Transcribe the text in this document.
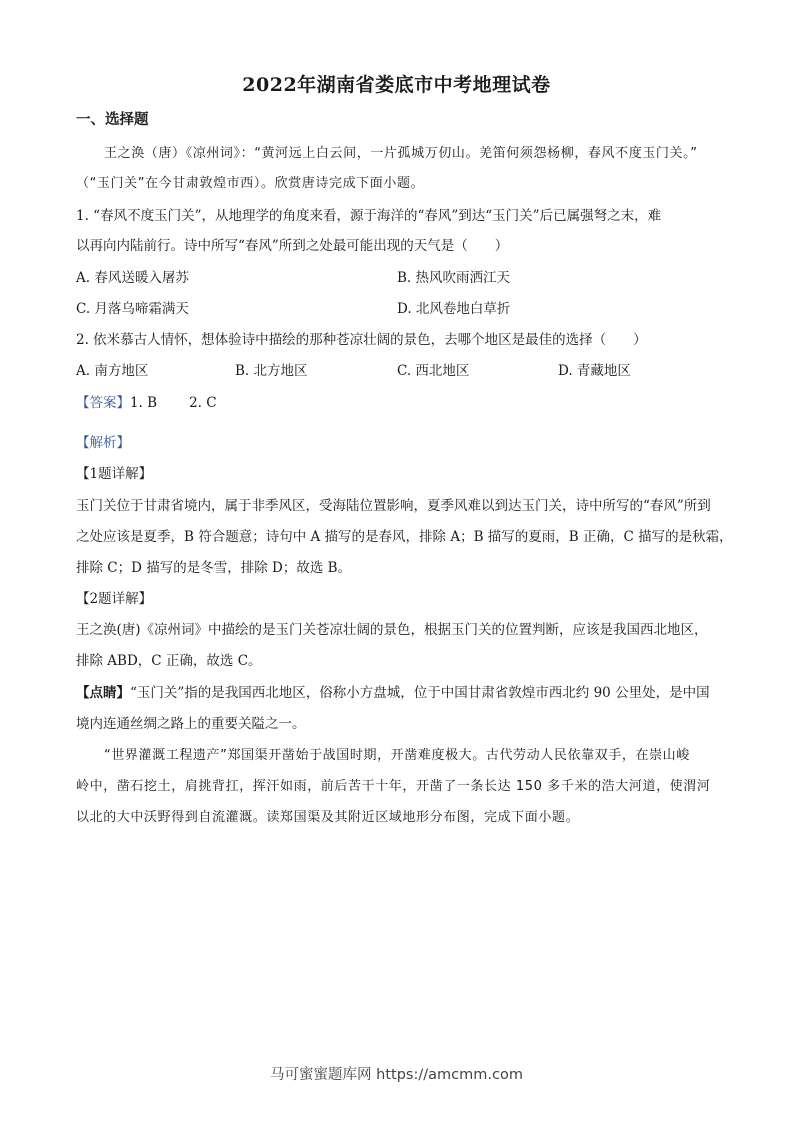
2022年湖南省娄底市中考地理试卷
一、选择题
王之涣（唐）《凉州词》：“黄河远上白云间，一片孤城万仞山。羌笛何须怨杨柳，春风不度玉门关。”
（“玉门关”在今甘肃敦煌市西）。欣赏唐诗完成下面小题。
1. “春风不度玉门关”，从地理学的角度来看，源于海洋的“春风”到达“玉门关”后已属强弩之末，难
以再向内陆前行。诗中所写“春风”所到之处最可能出现的天气是（　　）
A. 春风送暖入屠苏	B. 热风吹雨洒江天
C. 月落乌啼霜满天	D. 北风卷地白草折
2. 依米慕古人情怀，想体验诗中描绘的那种苍凉壮阔的景色，去哪个地区是最佳的选择（　　）
A. 南方地区	B. 北方地区	C. 西北地区	D. 青藏地区
【答案】1. B 2. C
【解析】
【1题详解】
玉门关位于甘肃省境内，属于非季风区，受海陆位置影响，夏季风难以到达玉门关，诗中所写的“春风”所到
之处应该是夏季，B 符合题意；诗句中 A 描写的是春风，排除 A；B 描写的夏雨，B 正确，C 描写的是秋霜，
排除 C；D 描写的是冬雪，排除 D；故选 B。
【2题详解】
王之涣(唐)《凉州词》中描绘的是玉门关苍凉壮阔的景色，根据玉门关的位置判断，应该是我国西北地区，
排除 ABD，C 正确，故选 C。
【点睛】“玉门关”指的是我国西北地区，俗称小方盘城，位于中国甘肃省敦煌市西北约 90 公里处，是中国
境内连通丝绸之路上的重要关隘之一。
“世界灌溉工程遗产”郑国渠开凿始于战国时期，开凿难度极大。古代劳动人民依靠双手，在崇山峻
岭中，凿石挖土，肩挑背扛，挥汗如雨，前后苦干十年，开凿了一条长达 150 多千米的浩大河道，使渭河
以北的大中沃野得到自流灌溉。读郑国渠及其附近区域地形分布图，完成下面小题。
马可蜜蜜题库网 https://amcmm.com
